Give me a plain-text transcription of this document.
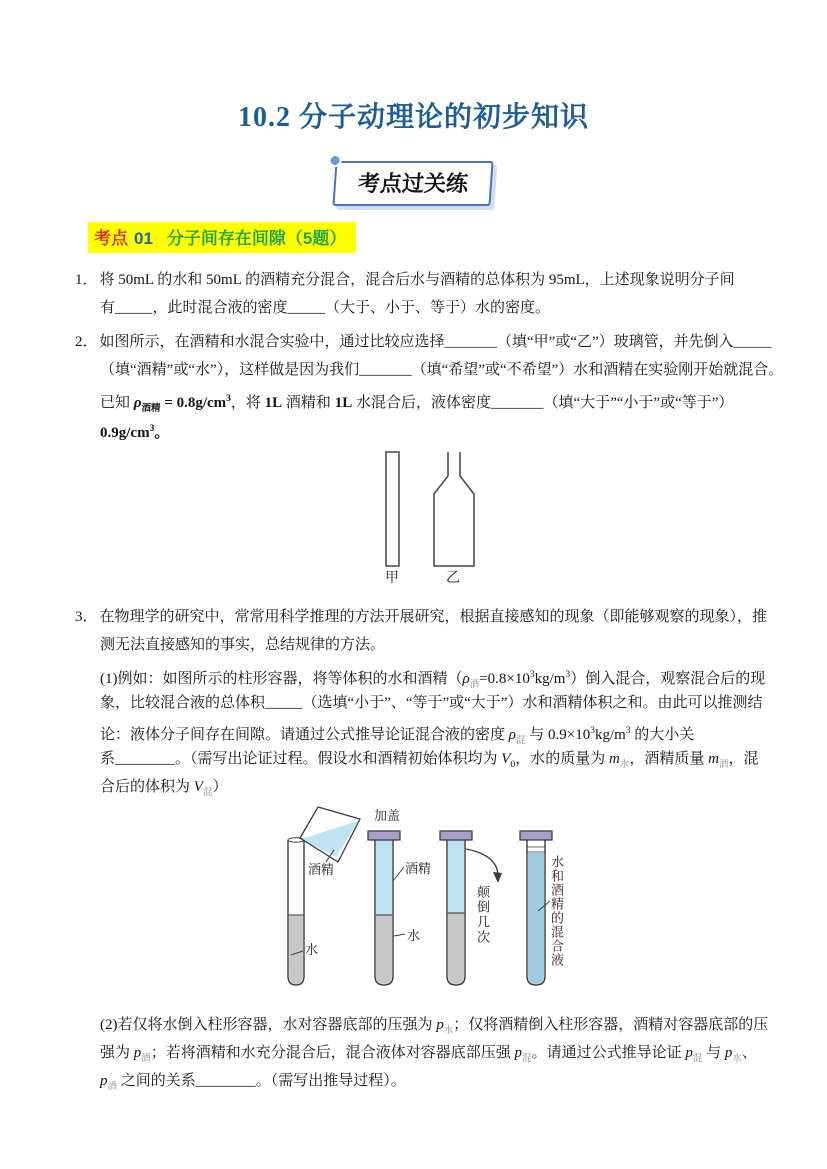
10.2 分子动理论的初步知识
考点过关练
考点 01 分子间存在间隙（5题）
1． 将 50mL 的水和 50mL 的酒精充分混合，混合后水与酒精的总体积为 95mL，上述现象说明分子间
有_____，此时混合液的密度_____（大于、小于、等于）水的密度。
2． 如图所示，在酒精和水混合实验中，通过比较应选择_______（填“甲”或“乙”）玻璃管，并先倒入_____
（填“酒精”或“水”），这样做是因为我们_______（填“希望”或“不希望”）水和酒精在实验刚开始就混合。
已知 $\rho_{酒精} = 0.8g/cm^3$，将 1L 酒精和 1L 水混合后，液体密度_______（填“大于”“小于”或“等于”）
$0.9g/cm^3$。
甲	乙
3． 在物理学的研究中，常常用科学推理的方法开展研究，根据直接感知的现象（即能够观察的现象），推
测无法直接感知的事实，总结规律的方法。
(1)例如：如图所示的柱形容器，将等体积的水和酒精$(\rho_酒=0.8\times 10^3kg/m^3)$倒入混合，观察混合后的现
象，比较混合液的总体积_____（选填“小于”、“等于”或“大于”）水和酒精体积之和。由此可以推测结
论：液体分子间存在间隙。请通过公式推导论证混合液的密度 $\rho_混$ 与 $0.9\times 10^3kg/m^3$ 的大小关
系________。（需写出论证过程。假设水和酒精初始体积均为 $V_0$，水的质量为 $m_水$，酒精质量 $m_酒$，混
合后的体积为 $V_混$）
加盖
酒精
水
酒精
水	颠倒几次	水和酒精的混合液
(2)若仅将水倒入柱形容器，水对容器底部的压强为 $p_水$；仅将酒精倒入柱形容器，酒精对容器底部的压
强为 $p_酒$；若将酒精和水充分混合后，混合液体对容器底部压强 $p_混$。请通过公式推导论证 $p_混$ 与 $p_水$、
$p_酒$ 之间的关系________。（需写出推导过程）。
